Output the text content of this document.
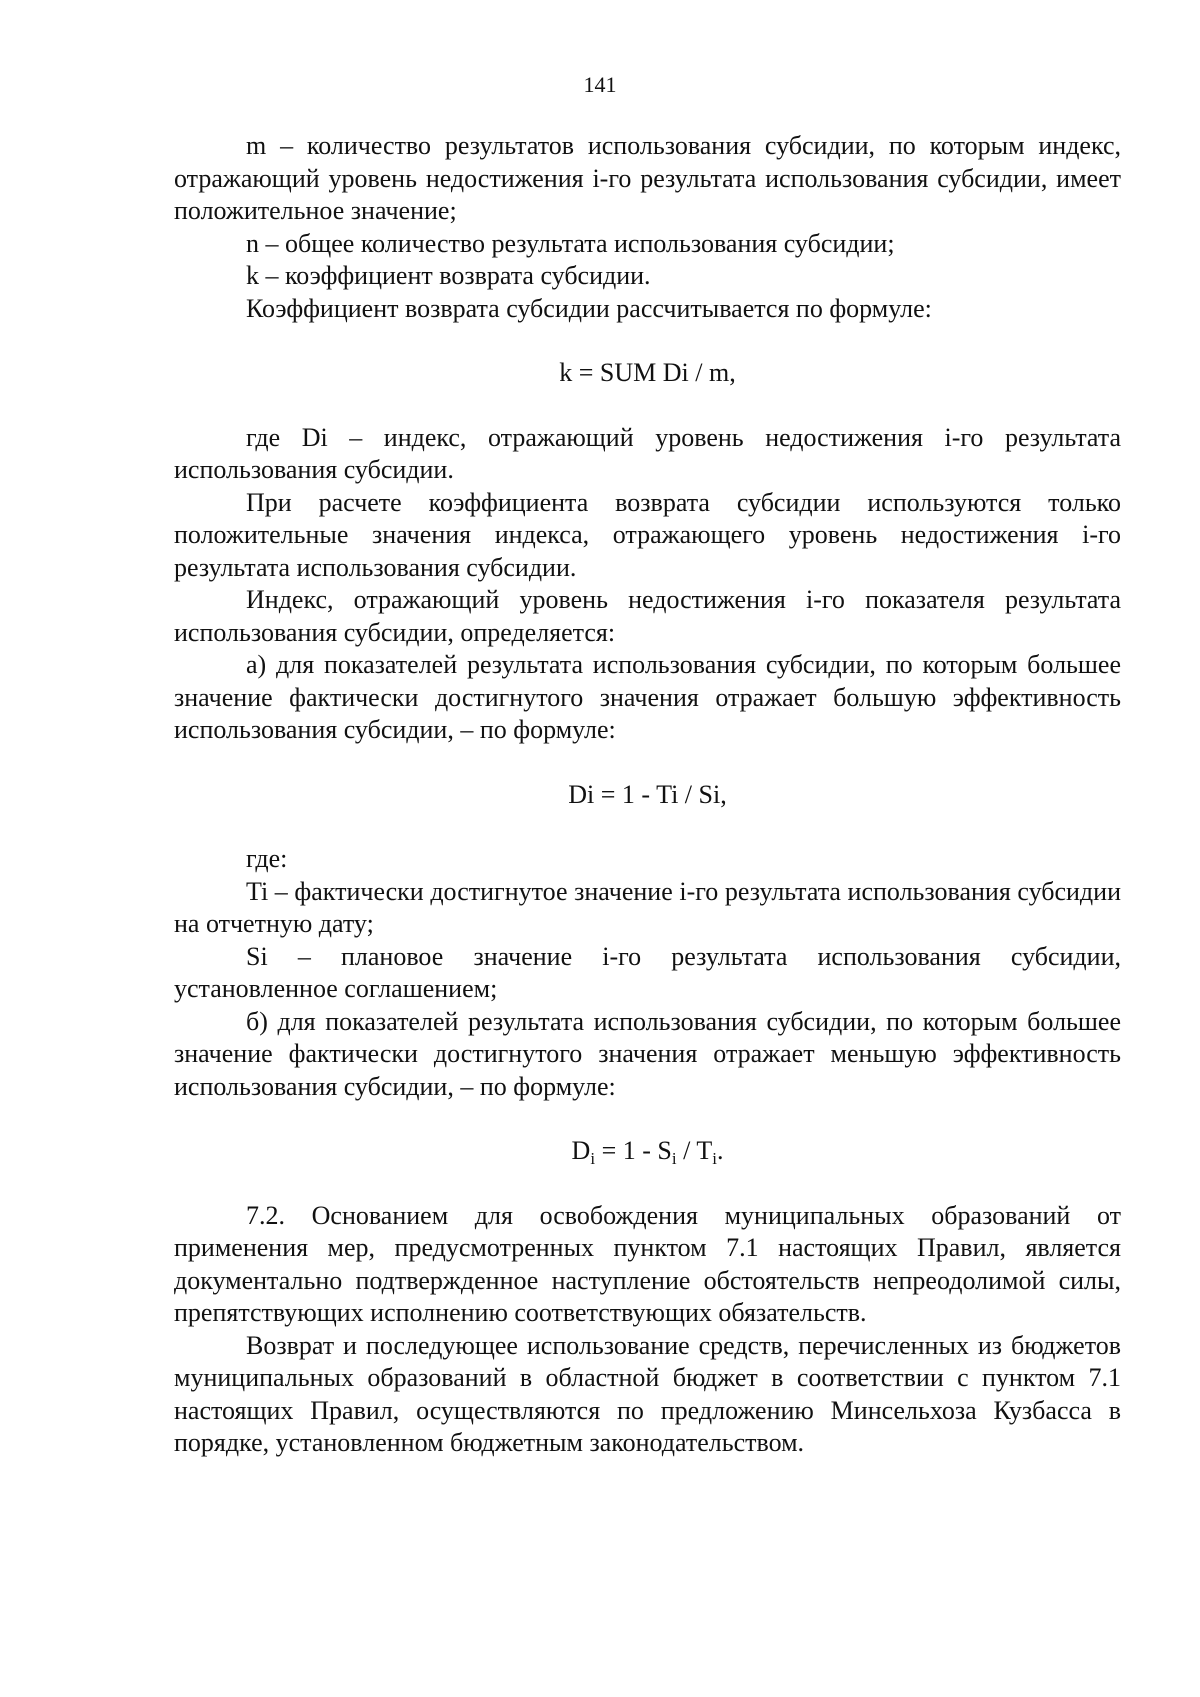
141

m – количество результатов использования субсидии, по которым индекс, отражающий уровень недостижения i-го результата использования субсидии, имеет положительное значение;

n – общее количество результата использования субсидии;

k – коэффициент возврата субсидии.

Коэффициент возврата субсидии рассчитывается по формуле:

k = SUM Di / m,

где Di – индекс, отражающий уровень недостижения i-го результата использования субсидии.

При расчете коэффициента возврата субсидии используются только положительные значения индекса, отражающего уровень недостижения i-го результата использования субсидии.

Индекс, отражающий уровень недостижения i-го показателя результата использования субсидии, определяется:

а) для показателей результата использования субсидии, по которым большее значение фактически достигнутого значения отражает большую эффективность использования субсидии, – по формуле:

Di = 1 - Ti / Si,

где:

Ti – фактически достигнутое значение i-го результата использования субсидии на отчетную дату;

Si – плановое значение i-го результата использования субсидии, установленное соглашением;

б) для показателей результата использования субсидии, по которым большее значение фактически достигнутого значения отражает меньшую эффективность использования субсидии, – по формуле:

$D_i = 1 - S_i / T_i$.

7.2. Основанием для освобождения муниципальных образований от применения мер, предусмотренных пунктом 7.1 настоящих Правил, является документально подтвержденное наступление обстоятельств непреодолимой силы, препятствующих исполнению соответствующих обязательств.

Возврат и последующее использование средств, перечисленных из бюджетов муниципальных образований в областной бюджет в соответствии с пунктом 7.1 настоящих Правил, осуществляются по предложению Минсельхоза Кузбасса в порядке, установленном бюджетным законодательством.
